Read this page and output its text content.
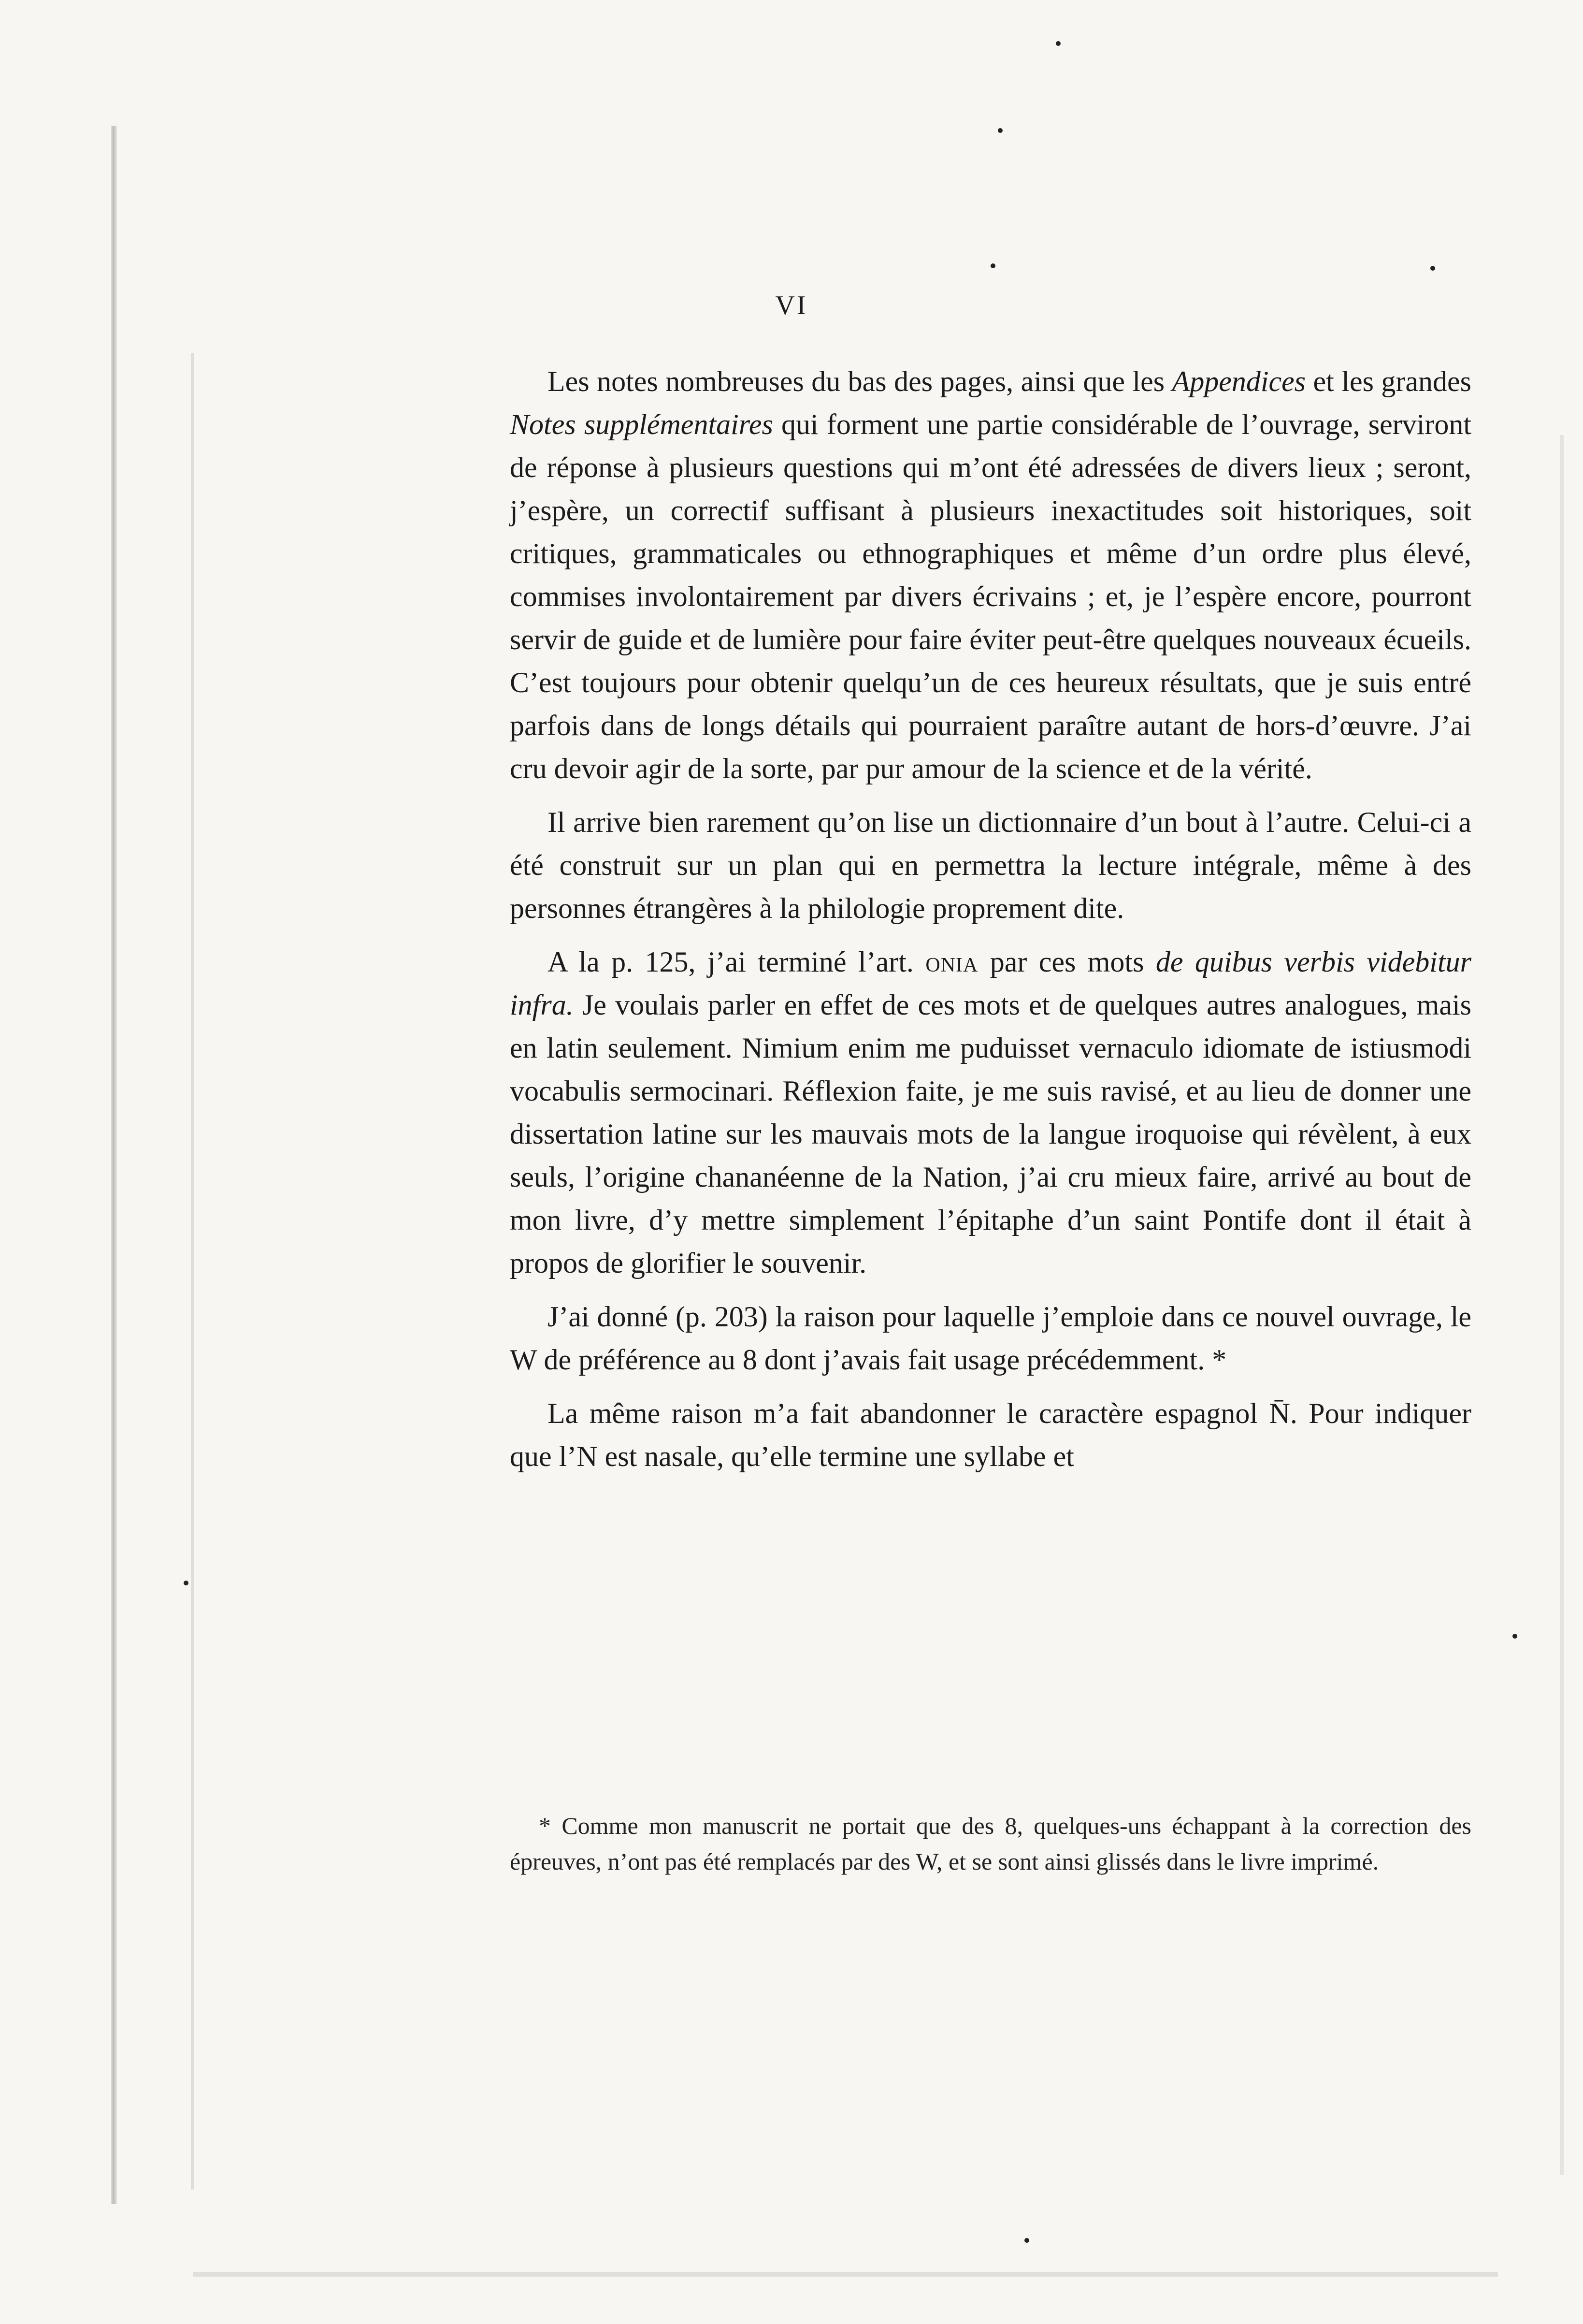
VI

Les notes nombreuses du bas des pages, ainsi que les Appendices et les grandes Notes supplémentaires qui forment une partie considérable de l’ouvrage, serviront de réponse à plusieurs questions qui m’ont été adressées de divers lieux ; seront, j’espère, un correctif suffisant à plusieurs inexactitudes soit historiques, soit critiques, grammaticales ou ethnographiques et même d’un ordre plus élevé, commises involontairement par divers écrivains ; et, je l’espère encore, pourront servir de guide et de lumière pour faire éviter peut-être quelques nouveaux écueils. C’est toujours pour obtenir quelqu’un de ces heureux résultats, que je suis entré parfois dans de longs détails qui pourraient paraître autant de hors-d’œuvre. J’ai cru devoir agir de la sorte, par pur amour de la science et de la vérité.

Il arrive bien rarement qu’on lise un dictionnaire d’un bout à l’autre. Celui-ci a été construit sur un plan qui en permettra la lecture intégrale, même à des personnes étrangères à la philologie proprement dite.

A la p. 125, j’ai terminé l’art. onia par ces mots de quibus verbis videbitur infra. Je voulais parler en effet de ces mots et de quelques autres analogues, mais en latin seulement. Nimium enim me puduisset vernaculo idiomate de istiusmodi vocabulis sermocinari. Réflexion faite, je me suis ravisé, et au lieu de donner une dissertation latine sur les mauvais mots de la langue iroquoise qui révèlent, à eux seuls, l’origine chananéenne de la Nation, j’ai cru mieux faire, arrivé au bout de mon livre, d’y mettre simplement l’épitaphe d’un saint Pontife dont il était à propos de glorifier le souvenir.

J’ai donné (p. 203) la raison pour laquelle j’emploie dans ce nouvel ouvrage, le W de préférence au 8 dont j’avais fait usage précédemment. *

La même raison m’a fait abandonner le caractère espagnol N̄. Pour indiquer que l’N est nasale, qu’elle termine une syllabe et

* Comme mon manuscrit ne portait que des 8, quelques-uns échappant à la correction des épreuves, n’ont pas été remplacés par des W, et se sont ainsi glissés dans le livre imprimé.
